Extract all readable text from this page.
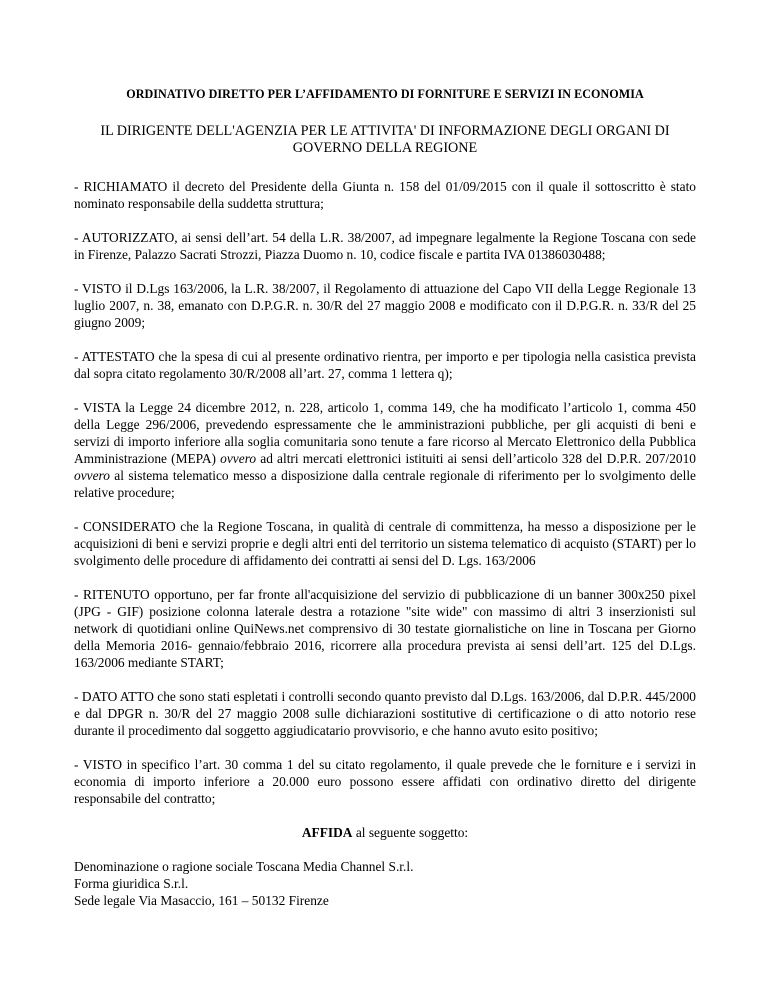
ORDINATIVO DIRETTO PER L’AFFIDAMENTO DI FORNITURE E SERVIZI IN ECONOMIA
IL DIRIGENTE DELL'AGENZIA PER LE ATTIVITA' DI INFORMAZIONE DEGLI ORGANI DI GOVERNO DELLA REGIONE
- RICHIAMATO il decreto del Presidente della Giunta n. 158 del 01/09/2015 con il quale il sottoscritto è stato nominato responsabile della suddetta struttura;
- AUTORIZZATO, ai sensi dell’art. 54 della L.R. 38/2007, ad impegnare legalmente la Regione Toscana con sede in Firenze, Palazzo Sacrati Strozzi, Piazza Duomo n. 10, codice fiscale e partita IVA 01386030488;
- VISTO il D.Lgs 163/2006, la L.R. 38/2007, il Regolamento di attuazione del Capo VII della Legge Regionale 13 luglio 2007, n. 38, emanato con D.P.G.R. n. 30/R del 27 maggio 2008 e modificato con il D.P.G.R. n. 33/R del 25 giugno 2009;
- ATTESTATO che la spesa di cui al presente ordinativo rientra, per importo e per tipologia nella casistica prevista dal sopra citato regolamento 30/R/2008 all’art. 27, comma 1 lettera q);
- VISTA la Legge 24 dicembre 2012, n. 228, articolo 1, comma 149, che ha modificato l’articolo 1, comma 450 della Legge 296/2006, prevedendo espressamente che le amministrazioni pubbliche, per gli acquisti di beni e servizi di importo inferiore alla soglia comunitaria sono tenute a fare ricorso al Mercato Elettronico della Pubblica Amministrazione (MEPA) ovvero ad altri mercati elettronici istituiti ai sensi dell’articolo 328 del D.P.R. 207/2010 ovvero al sistema telematico messo a disposizione dalla centrale regionale di riferimento per lo svolgimento delle relative procedure;
- CONSIDERATO che la Regione Toscana, in qualità di centrale di committenza, ha messo a disposizione per le acquisizioni di beni e servizi proprie e degli altri enti del territorio un sistema telematico di acquisto (START) per lo svolgimento delle procedure di affidamento dei contratti ai sensi del D. Lgs. 163/2006
- RITENUTO opportuno, per far fronte all'acquisizione del servizio di pubblicazione di un banner 300x250 pixel (JPG - GIF) posizione colonna laterale destra a rotazione "site wide" con massimo di altri 3 inserzionisti sul network di quotidiani online QuiNews.net comprensivo di 30 testate giornalistiche on line in Toscana per Giorno della Memoria 2016- gennaio/febbraio 2016, ricorrere alla procedura prevista ai sensi dell’art. 125 del D.Lgs. 163/2006 mediante START;
- DATO ATTO che sono stati espletati i controlli secondo quanto previsto dal D.Lgs. 163/2006, dal D.P.R. 445/2000 e dal DPGR n. 30/R del 27 maggio 2008 sulle dichiarazioni sostitutive di certificazione o di atto notorio rese durante il procedimento dal soggetto aggiudicatario provvisorio, e che hanno avuto esito positivo;
- VISTO in specifico l’art. 30 comma 1 del su citato regolamento, il quale prevede che le forniture e i servizi in economia di importo inferiore a 20.000 euro possono essere affidati con ordinativo diretto del dirigente responsabile del contratto;
AFFIDA al seguente soggetto:
Denominazione o ragione sociale Toscana Media Channel S.r.l.
Forma giuridica S.r.l.
Sede legale Via Masaccio, 161 – 50132 Firenze
